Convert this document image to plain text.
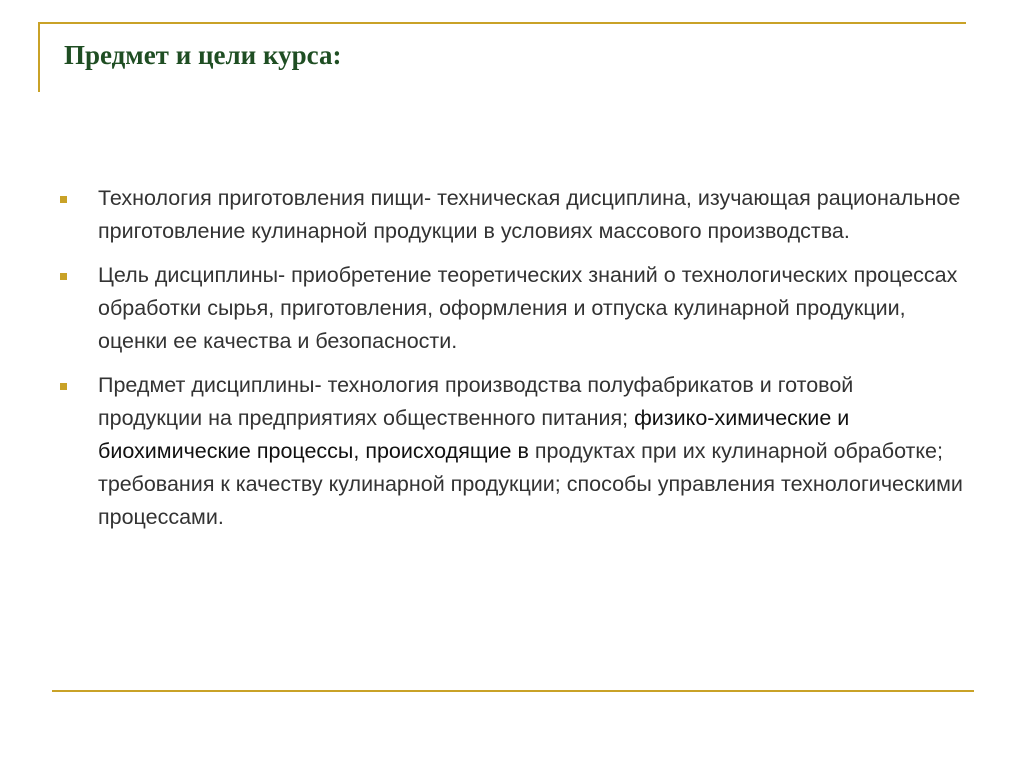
Предмет и цели курса:
Технология приготовления пищи- техническая дисциплина, изучающая рациональное приготовление кулинарной продукции в условиях массового производства.
Цель дисциплины- приобретение теоретических знаний о технологических процессах обработки сырья, приготовления, оформления и отпуска кулинарной продукции, оценки ее качества и безопасности.
Предмет дисциплины- технология производства полуфабрикатов и готовой продукции на предприятиях общественного питания; физико-химические и биохимические процессы, происходящие в продуктах при их кулинарной обработке; требования к качеству кулинарной продукции; способы управления технологическими процессами.
